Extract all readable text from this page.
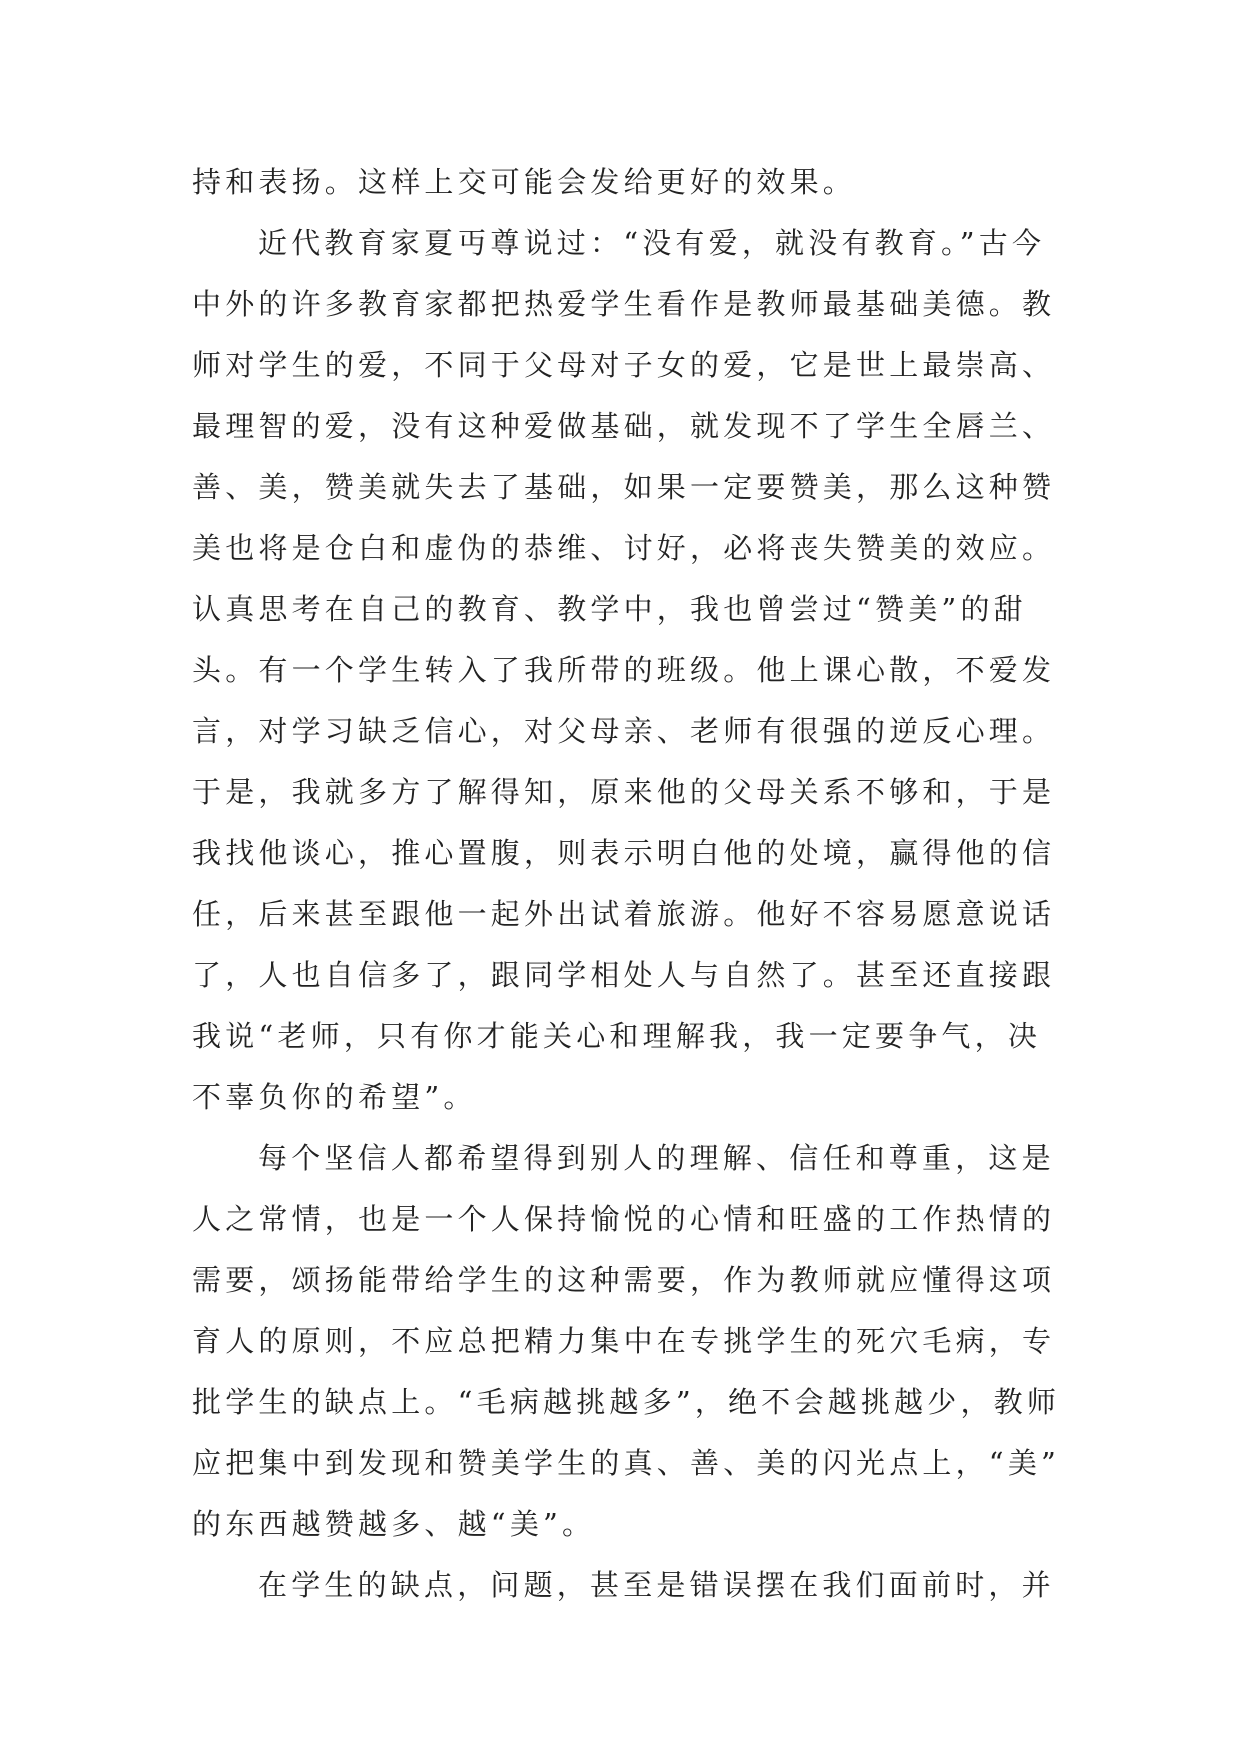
持和表扬。这样上交可能会发给更好的效果。
近代教育家夏丏尊说过：“没有爱，就没有教育。”古今
中外的许多教育家都把热爱学生看作是教师最基础美德。教
师对学生的爱，不同于父母对子女的爱，它是世上最崇高、
最理智的爱，没有这种爱做基础，就发现不了学生全唇兰、
善、美，赞美就失去了基础，如果一定要赞美，那么这种赞
美也将是仓白和虚伪的恭维、讨好，必将丧失赞美的效应。
认真思考在自己的教育、教学中，我也曾尝过“赞美”的甜
头。有一个学生转入了我所带的班级。他上课心散，不爱发
言，对学习缺乏信心，对父母亲、老师有很强的逆反心理。
于是，我就多方了解得知，原来他的父母关系不够和，于是
我找他谈心，推心置腹，则表示明白他的处境，赢得他的信
任，后来甚至跟他一起外出试着旅游。他好不容易愿意说话
了，人也自信多了，跟同学相处人与自然了。甚至还直接跟
我说“老师，只有你才能关心和理解我，我一定要争气，决
不辜负你的希望”。
每个坚信人都希望得到别人的理解、信任和尊重，这是
人之常情，也是一个人保持愉悦的心情和旺盛的工作热情的
需要，颂扬能带给学生的这种需要，作为教师就应懂得这项
育人的原则，不应总把精力集中在专挑学生的死穴毛病，专
批学生的缺点上。“毛病越挑越多”，绝不会越挑越少，教师
应把集中到发现和赞美学生的真、善、美的闪光点上，“美”
的东西越赞越多、越“美”。
在学生的缺点，问题，甚至是错误摆在我们面前时，并
